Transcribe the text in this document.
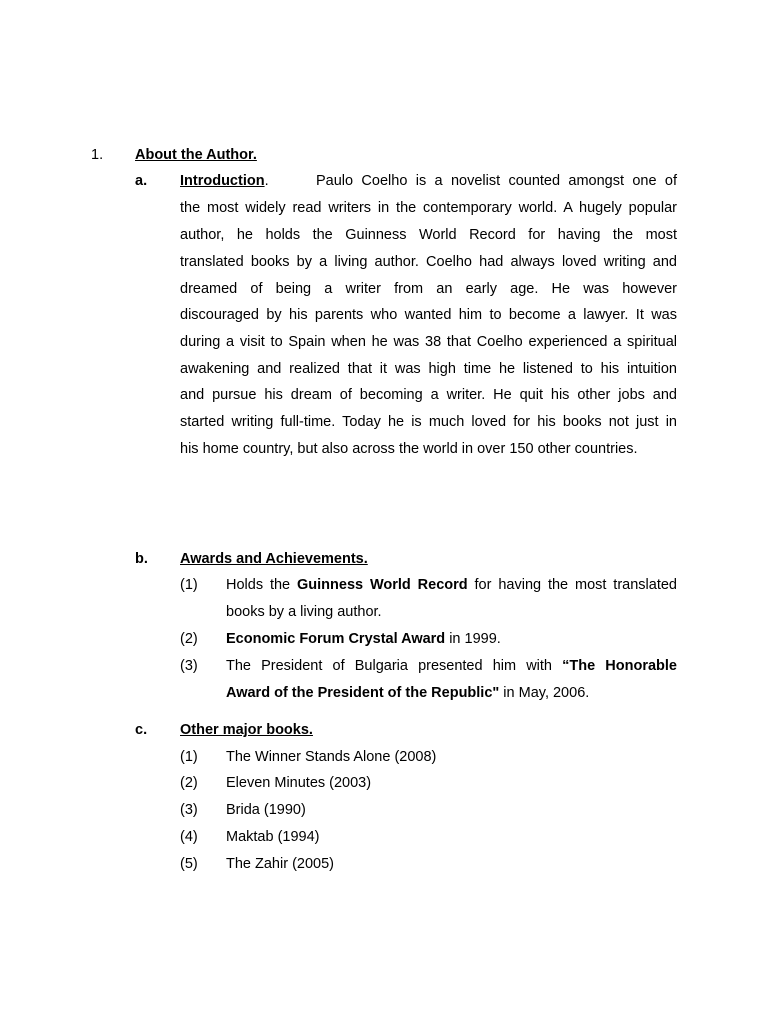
1. About the Author.
a. Introduction.	Paulo Coelho is a novelist counted amongst one of
the most widely read writers in the contemporary world. A hugely popular
author, he holds the Guinness World Record for having the most
translated books by a living author. Coelho had always loved writing and
dreamed of being a writer from an early age. He was however
discouraged by his parents who wanted him to become a lawyer. It was
during a visit to Spain when he was 38 that Coelho experienced a spiritual
awakening and realized that it was high time he listened to his intuition
and pursue his dream of becoming a writer. He quit his other jobs and
started writing full-time. Today he is much loved for his books not just in
his home country, but also across the world in over 150 other countries.
b. Awards and Achievements.
(1) Holds the Guinness World Record for having the most translated
books by a living author.
(2) Economic Forum Crystal Award in 1999.
(3) The President of Bulgaria presented him with “The Honorable
Award of the President of the Republic" in May, 2006.
c. Other major books.
(1) The Winner Stands Alone (2008)
(2) Eleven Minutes (2003)
(3) Brida (1990)
(4) Maktab (1994)
(5) The Zahir (2005)
